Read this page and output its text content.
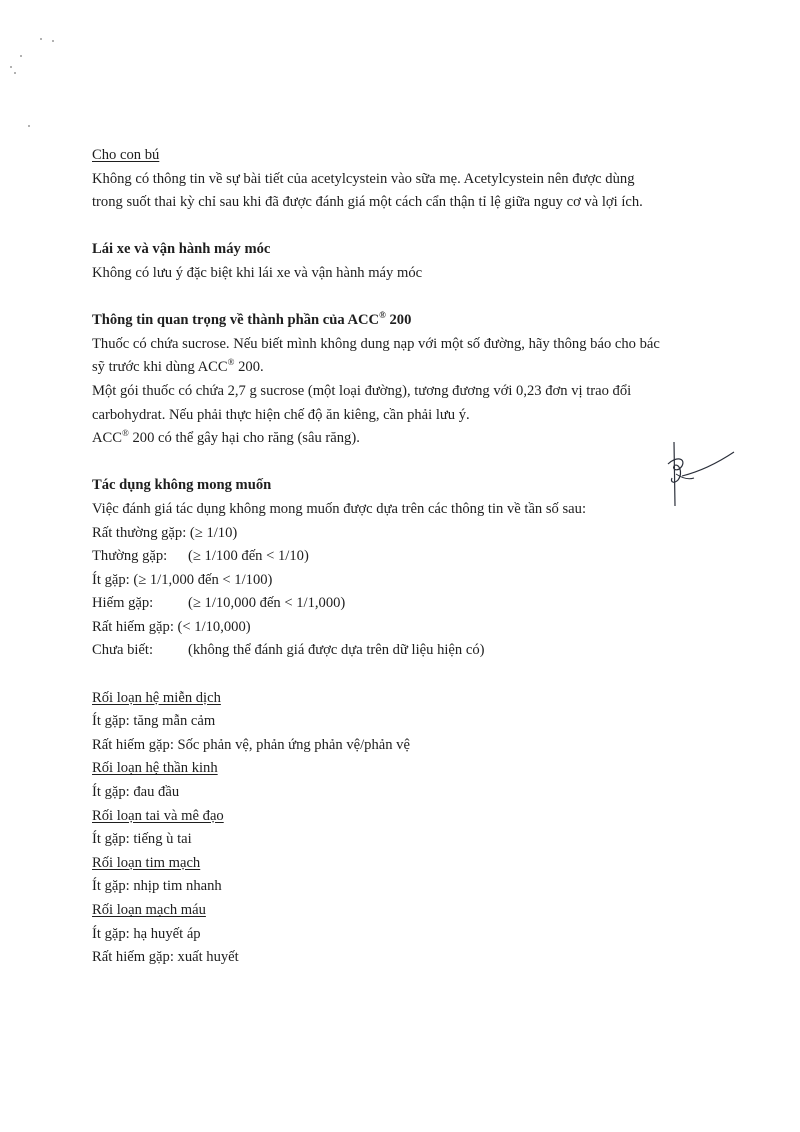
Cho con bú
Không có thông tin về sự bài tiết của acetylcystein vào sữa mẹ. Acetylcystein nên được dùng
trong suốt thai kỳ chỉ sau khi đã được đánh giá một cách cẩn thận tỉ lệ giữa nguy cơ và lợi ích.
Lái xe và vận hành máy móc
Không có lưu ý đặc biệt khi lái xe và vận hành máy móc
Thông tin quan trọng về thành phần của ACC® 200
Thuốc có chứa sucrose. Nếu biết mình không dung nạp với một số đường, hãy thông báo cho bác
sỹ trước khi dùng ACC® 200.
Một gói thuốc có chứa 2,7 g sucrose (một loại đường), tương đương với 0,23 đơn vị trao đổi
carbohydrat. Nếu phải thực hiện chế độ ăn kiêng, cần phải lưu ý.
ACC® 200 có thể gây hại cho răng (sâu răng).
Tác dụng không mong muốn
Việc đánh giá tác dụng không mong muốn được dựa trên các thông tin về tần số sau:
Rất thường gặp: (≥ 1/10)
Thường gặp: (≥ 1/100 đến < 1/10)
Ít gặp: (≥ 1/1,000 đến < 1/100)
Hiếm gặp: (≥ 1/10,000 đến < 1/1,000)
Rất hiếm gặp: (< 1/10,000)
Chưa biết: (không thể đánh giá được dựa trên dữ liệu hiện có)
Rối loạn hệ miễn dịch
Ít gặp: tăng mẫn cảm
Rất hiếm gặp: Sốc phản vệ, phản ứng phản vệ/phản vệ
Rối loạn hệ thần kinh
Ít gặp: đau đầu
Rối loạn tai và mê đạo
Ít gặp: tiếng ù tai
Rối loạn tim mạch
Ít gặp: nhịp tim nhanh
Rối loạn mạch máu
Ít gặp: hạ huyết áp
Rất hiếm gặp: xuất huyết
